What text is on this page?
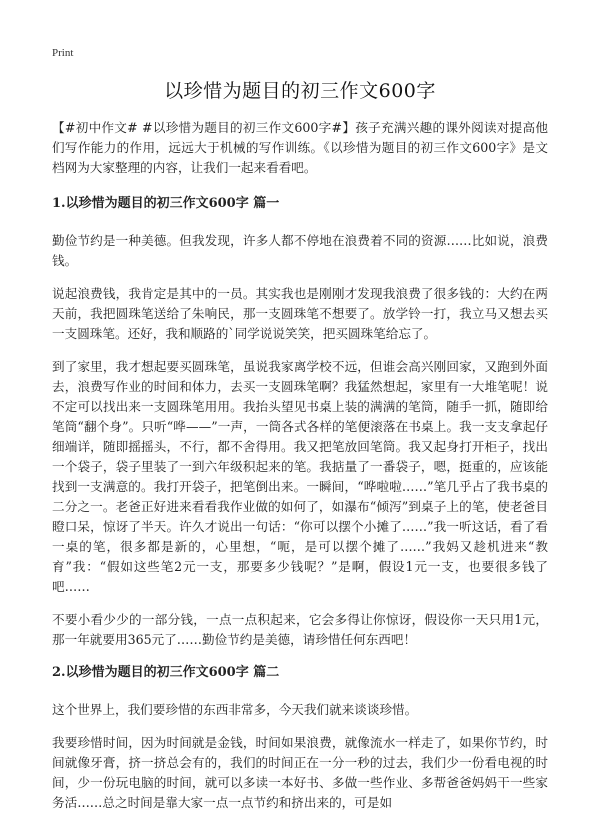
Print
以珍惜为题目的初三作文600字

【#初中作文# #以珍惜为题目的初三作文600字#】孩子充满兴趣的课外阅读对提高他们写作能力的作用，远远大于机械的写作训练。《以珍惜为题目的初三作文600字》是文档网为大家整理的内容，让我们一起来看看吧。

1.以珍惜为题目的初三作文600字 篇一

勤俭节约是一种美德。但我发现，许多人都不停地在浪费着不同的资源……比如说，浪费钱。

说起浪费钱，我肯定是其中的一员。其实我也是刚刚才发现我浪费了很多钱的：大约在两天前，我把圆珠笔送给了朱响民，那一支圆珠笔不想要了。放学铃一打，我立马又想去买一支圆珠笔。还好，我和顺路的`同学说说笑笑，把买圆珠笔给忘了。

到了家里，我才想起要买圆珠笔，虽说我家离学校不远，但谁会高兴刚回家，又跑到外面去，浪费写作业的时间和体力，去买一支圆珠笔啊？我猛然想起，家里有一大堆笔呢！说不定可以找出来一支圆珠笔用用。我抬头望见书桌上装的满满的笔筒，随手一抓，随即给笔筒“翻个身”。只听“哗——”一声，一筒各式各样的笔便滚落在书桌上。我一支支拿起仔细端详，随即摇摇头，不行，都不舍得用。我又把笔放回笔筒。我又起身打开柜子，找出一个袋子，袋子里装了一到六年级积起来的笔。我掂量了一番袋子，嗯，挺重的，应该能找到一支满意的。我打开袋子，把笔倒出来。一瞬间，“哗啦啦……”笔几乎占了我书桌的二分之一。老爸正好进来看看我作业做的如何了，如瀑布“倾泻”到桌子上的笔，使老爸目瞪口呆，惊讶了半天。许久才说出一句话：“你可以摆个小摊了……”我一听这话，看了看一桌的笔，很多都是新的，心里想，“呃，是可以摆个摊了……”我妈又趁机进来“教育”我：“假如这些笔2元一支，那要多少钱呢？”是啊，假设1元一支，也要很多钱了吧……

不要小看少少的一部分钱，一点一点积起来，它会多得让你惊讶，假设你一天只用1元，那一年就要用365元了……勤俭节约是美德，请珍惜任何东西吧！

2.以珍惜为题目的初三作文600字 篇二

这个世界上，我们要珍惜的东西非常多，今天我们就来谈谈珍惜。

我要珍惜时间，因为时间就是金钱，时间如果浪费，就像流水一样走了，如果你节约，时间就像牙膏，挤一挤总会有的，我们的时间正在一分一秒的过去，我们少一份看电视的时间，少一份玩电脑的时间，就可以多读一本好书、多做一些作业、多帮爸爸妈妈干一些家务活……总之时间是靠大家一点一点节约和挤出来的，可是如
